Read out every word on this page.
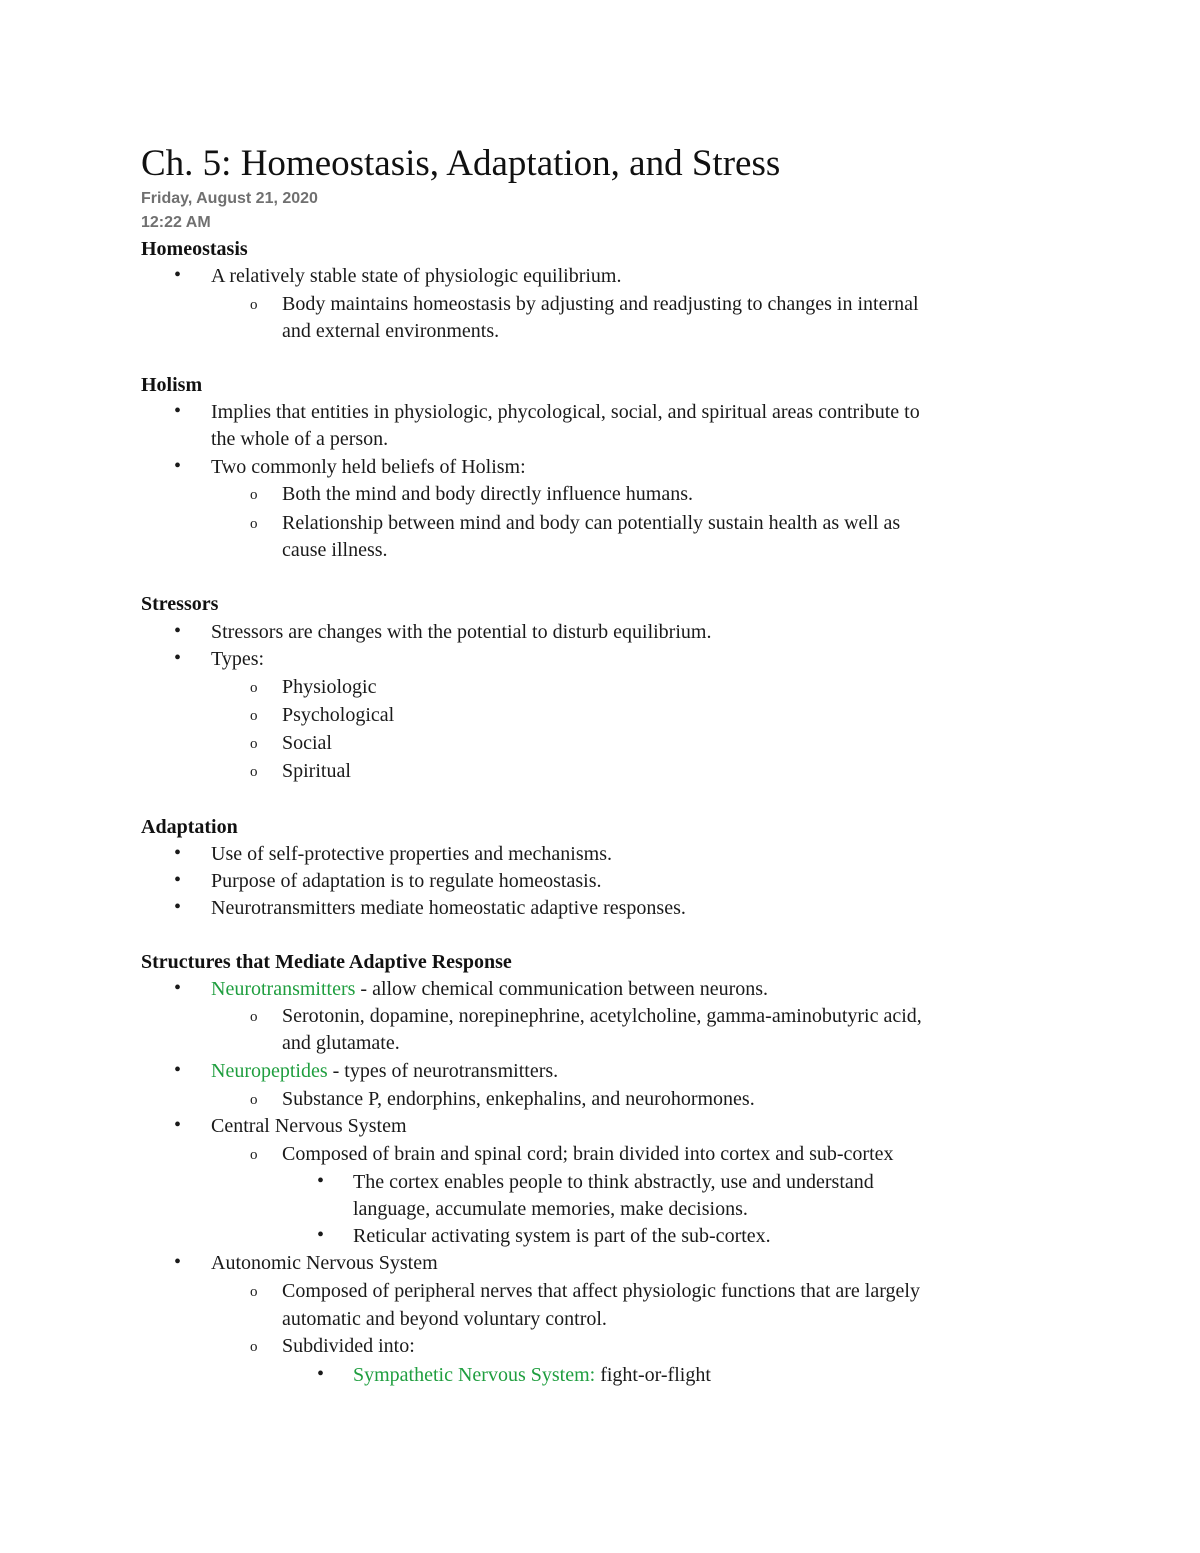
Ch. 5: Homeostasis, Adaptation, and Stress
Friday, August 21, 2020
12:22 AM
Homeostasis
• A relatively stable state of physiologic equilibrium.
o Body maintains homeostasis by adjusting and readjusting to changes in internal
and external environments.
Holism
• Implies that entities in physiologic, phycological, social, and spiritual areas contribute to
the whole of a person.
• Two commonly held beliefs of Holism:
o Both the mind and body directly influence humans.
o Relationship between mind and body can potentially sustain health as well as
cause illness.
Stressors
• Stressors are changes with the potential to disturb equilibrium.
• Types:
o Physiologic
o Psychological
o Social
o Spiritual
Adaptation
• Use of self-protective properties and mechanisms.
• Purpose of adaptation is to regulate homeostasis.
• Neurotransmitters mediate homeostatic adaptive responses.
Structures that Mediate Adaptive Response
• Neurotransmitters - allow chemical communication between neurons.
o Serotonin, dopamine, norepinephrine, acetylcholine, gamma-aminobutyric acid,
and glutamate.
• Neuropeptides - types of neurotransmitters.
o Substance P, endorphins, enkephalins, and neurohormones.
• Central Nervous System
o Composed of brain and spinal cord; brain divided into cortex and sub-cortex
• The cortex enables people to think abstractly, use and understand
language, accumulate memories, make decisions.
• Reticular activating system is part of the sub-cortex.
• Autonomic Nervous System
o Composed of peripheral nerves that affect physiologic functions that are largely
automatic and beyond voluntary control.
o Subdivided into:
• Sympathetic Nervous System: fight-or-flight
